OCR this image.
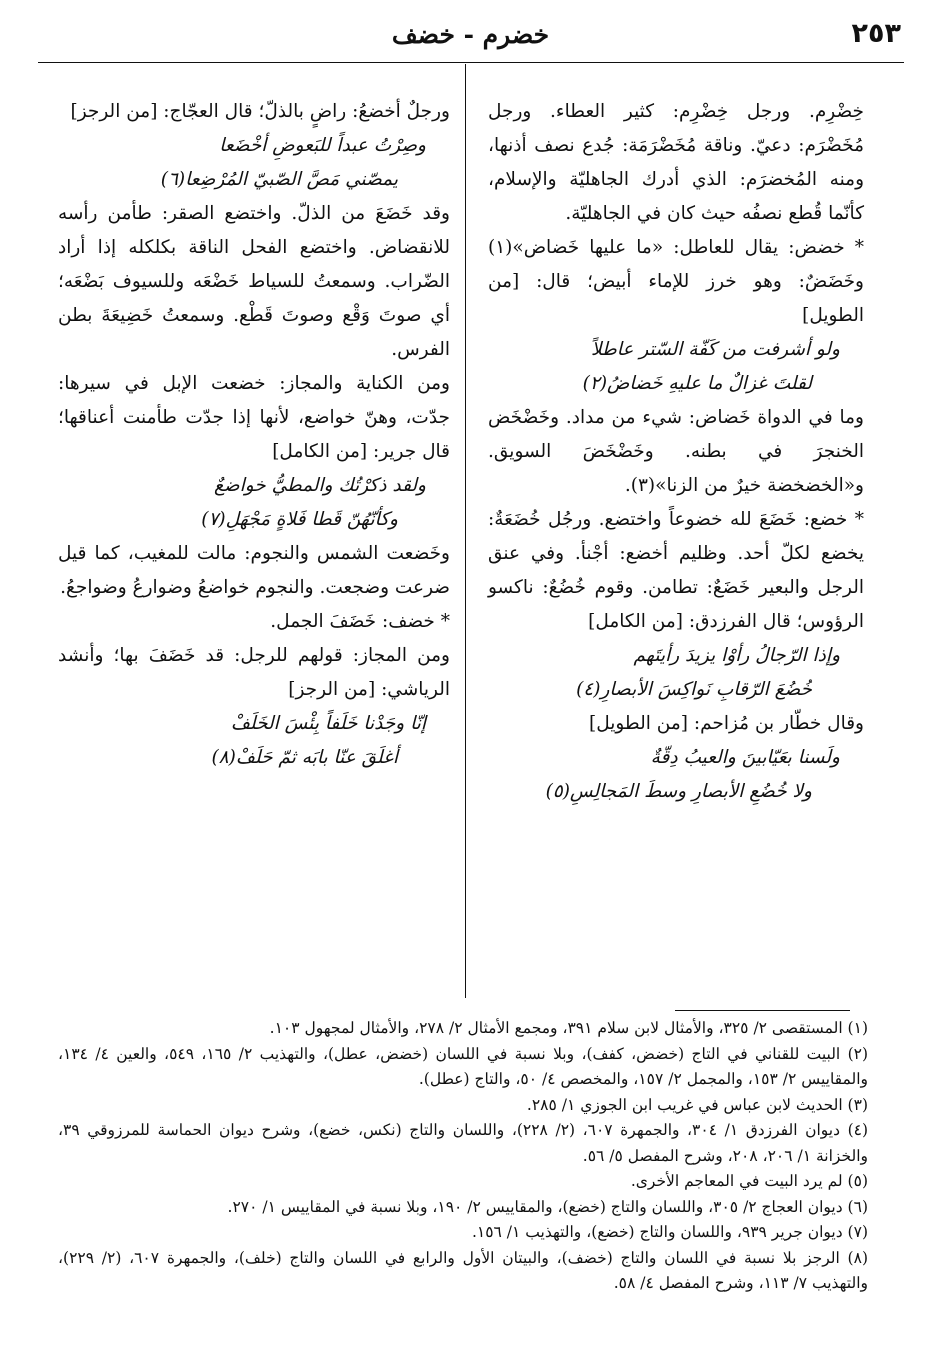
خضرم - خضف	٢٥٣

خِضْرِم. ورجل خِضْرِم: كثير العطاء. ورجل مُخَضْرَم: دعيّ. وناقة مُخَضْرَمَة: جُدع نصف أذنها، ومنه المُخضرَم: الذي أدرك الجاهليّة والإسلام، كأنّما قُطع نصفُه حيث كان في الجاهليّة.

* خضض: يقال للعاطل: «ما عليها خَضاض»(١) وخَضَضٌ: وهو خرز للإماء أبيض؛ قال: [من الطويل]

ولو أشرفت من كَفّة السّتر عاطلاً

لقلتَ غزالٌ ما عليهِ خَضاضُ(٢)

وما في الدواة خَضاض: شيء من مداد. وخَضْخَض الخنجرَ في بطنه. وخَضْخَضَ السويق. و«الخضخضة خيرٌ من الزنا»(٣).

* خضع: خَضَعَ لله خضوعاً واختضع. ورجُل خُضَعَةٌ: يخضع لكلّ أحد. وظليم أخضع: أجْنأ. وفي عنق الرجل والبعير خَضَعٌ: تطامن. وقوم خُضُعٌ: ناكسو الرؤوس؛ قال الفرزدق: [من الكامل]

وإذا الرّجالُ رأوْا يزيدَ رأيتَهم

خُضُعَ الرّقابِ نَواكِسَ الأبصارِ(٤)

وقال خطّار بن مُزاحم: [من الطويل]

ولَسنا بعَيّابينَ والعيبُ دِقّةٌ

ولا خُضُعِ الأبصارِ وسطَ المَجالِسِ(٥)

ورجلٌ أخضعُ: راضٍ بالذلّ؛ قال العجّاج: [من الرجز]

وصِرْتُ عبداً للبَعوضِ أخْضَعا

يمصّني مَصَّ الصّبيّ المُرْضِعا(٦)

وقد خَضَعَ من الذلّ. واختضع الصقر: طأمن رأسه للانقضاض. واختضع الفحل الناقة بكلكله إذا أراد الضّراب. وسمعتُ للسياط خَضْعَه وللسيوف بَضْعَه؛ أي صوتَ وَقْع وصوتَ قَطْع. وسمعتُ خَضِيعَةَ بطن الفرس.

ومن الكناية والمجاز: خضعت الإبل في سيرها: جدّت، وهنّ خواضع، لأنها إذا جدّت طأمنت أعناقها؛ قال جرير: [من الكامل]

ولقد ذكرْتُك والمطيُّ خواضعٌ

وكأنّهُنّ قَطا فَلاةٍ مَجْهَلِ(٧)

وخَضعت الشمس والنجوم: مالت للمغيب، كما قيل ضرعت وضجعت. والنجوم خواضعُ وضوارعُ وضواجعُ.

* خضف: خَضَفَ الجمل.

ومن المجاز: قولهم للرجل: قد خَضَفَ بها؛ وأنشد الرياشي: [من الرجز]

إنّا وجَدْنا خَلَفاً بِئْسَ الخَلَفْ

أغلَقَ عنّا بابَه ثمّ حَلَفْ(٨)

(١) المستقصى ٢/ ٣٢٥، والأمثال لابن سلام ٣٩١، ومجمع الأمثال ٢/ ٢٧٨، والأمثال لمجهول ١٠٣.

(٢) البيت للقناني في التاج (خضض، كفف)، وبلا نسبة في اللسان (خضض، عطل)، والتهذيب ٢/ ١٦٥، ٥٤٩، والعين ٤/ ١٣٤، والمقاييس ٢/ ١٥٣، والمجمل ٢/ ١٥٧، والمخصص ٤/ ٥٠، والتاج (عطل).

(٣) الحديث لابن عباس في غريب ابن الجوزي ١/ ٢٨٥.

(٤) ديوان الفرزدق ١/ ٣٠٤، والجمهرة ٦٠٧، (٢/ ٢٢٨)، واللسان والتاج (نكس، خضع)، وشرح ديوان الحماسة للمرزوقي ٣٩، والخزانة ١/ ٢٠٦، ٢٠٨، وشرح المفصل ٥/ ٥٦.

(٥) لم يرد البيت في المعاجم الأخرى.

(٦) ديوان العجاج ٢/ ٣٠٥، واللسان والتاج (خضع)، والمقاييس ٢/ ١٩٠، وبلا نسبة في المقاييس ١/ ٢٧٠.

(٧) ديوان جرير ٩٣٩، واللسان والتاج (خضع)، والتهذيب ١/ ١٥٦.

(٨) الرجز بلا نسبة في اللسان والتاج (خضف)، والبيتان الأول والرابع في اللسان والتاج (خلف)، والجمهرة ٦٠٧، (٢/ ٢٢٩)، والتهذيب ٧/ ١١٣، وشرح المفصل ٤/ ٥٨.
